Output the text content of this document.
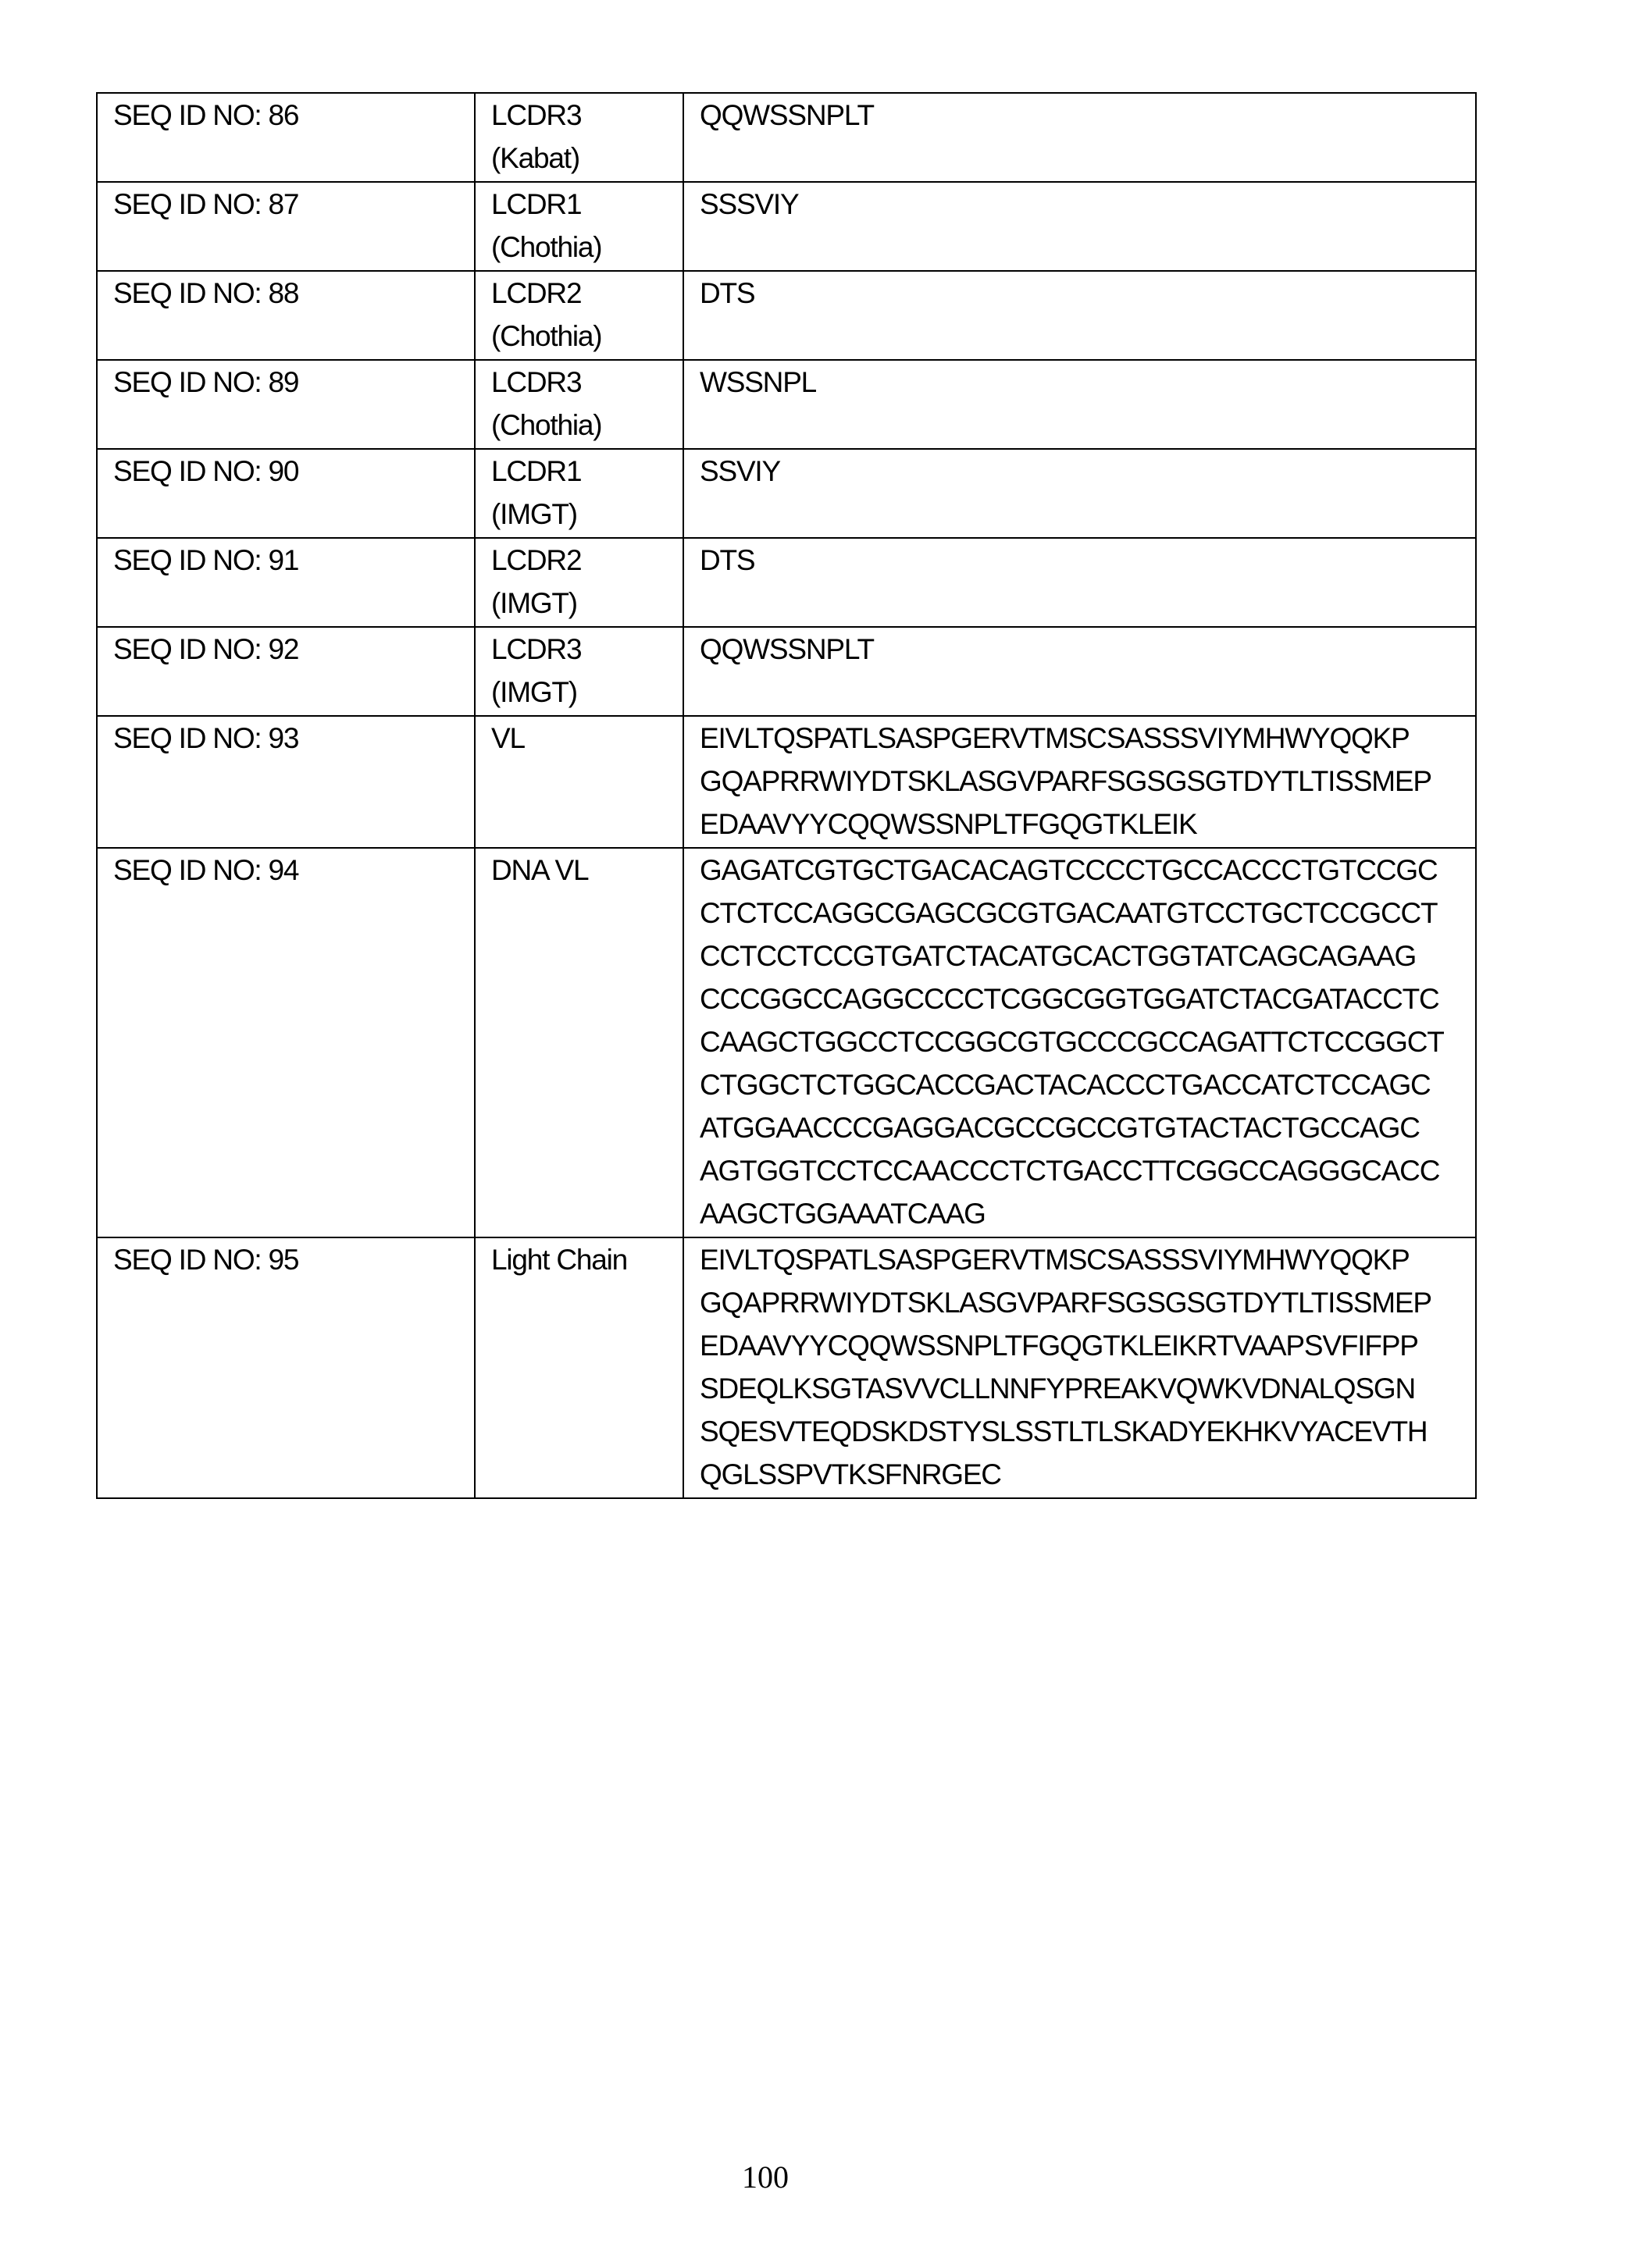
SEQ ID NO: 86	LCDR3
(Kabat)

QQWSSNPLT

SEQ ID NO: 87	LCDR1
(Chothia)

SSSVIY

SEQ ID NO: 88	LCDR2
(Chothia)

DTS

SEQ ID NO: 89	LCDR3
(Chothia)

WSSNPL

SEQ ID NO: 90	LCDR1
(IMGT)

SSVIY

SEQ ID NO: 91	LCDR2
(IMGT)

DTS

SEQ ID NO: 92	LCDR3
(IMGT)

QQWSSNPLT

SEQ ID NO: 93	VL	EIVLTQSPATLSASPGERVTMSCSASSSVIYMHWYQQKP
GQAPRRWIYDTSKLASGVPARFSGSGSGTDYTLTISSMEP
EDAAVYYCQQWSSNPLTFGQGTKLEIK

SEQ ID NO: 94	DNA VL	GAGATCGTGCTGACACAGTCCCCTGCCACCCTGTCCGC
CTCTCCAGGCGAGCGCGTGACAATGTCCTGCTCCGCCT
CCTCCTCCGTGATCTACATGCACTGGTATCAGCAGAAG
CCCGGCCAGGCCCCTCGGCGGTGGATCTACGATACCTC
CAAGCTGGCCTCCGGCGTGCCCGCCAGATTCTCCGGCT
CTGGCTCTGGCACCGACTACACCCTGACCATCTCCAGC
ATGGAACCCGAGGACGCCGCCGTGTACTACTGCCAGC
AGTGGTCCTCCAACCCTCTGACCTTCGGCCAGGGCACC
AAGCTGGAAATCAAG

SEQ ID NO: 95	Light Chain	EIVLTQSPATLSASPGERVTMSCSASSSVIYMHWYQQKP
GQAPRRWIYDTSKLASGVPARFSGSGSGTDYTLTISSMEP
EDAAVYYCQQWSSNPLTFGQGTKLEIKRTVAAPSVFIFPP
SDEQLKSGTASVVCLLNNFYPREAKVQWKVDNALQSGN
SQESVTEQDSKDSTYSLSSTLTLSKADYEKHKVYACEVTH
QGLSSPVTKSFNRGEC
100
